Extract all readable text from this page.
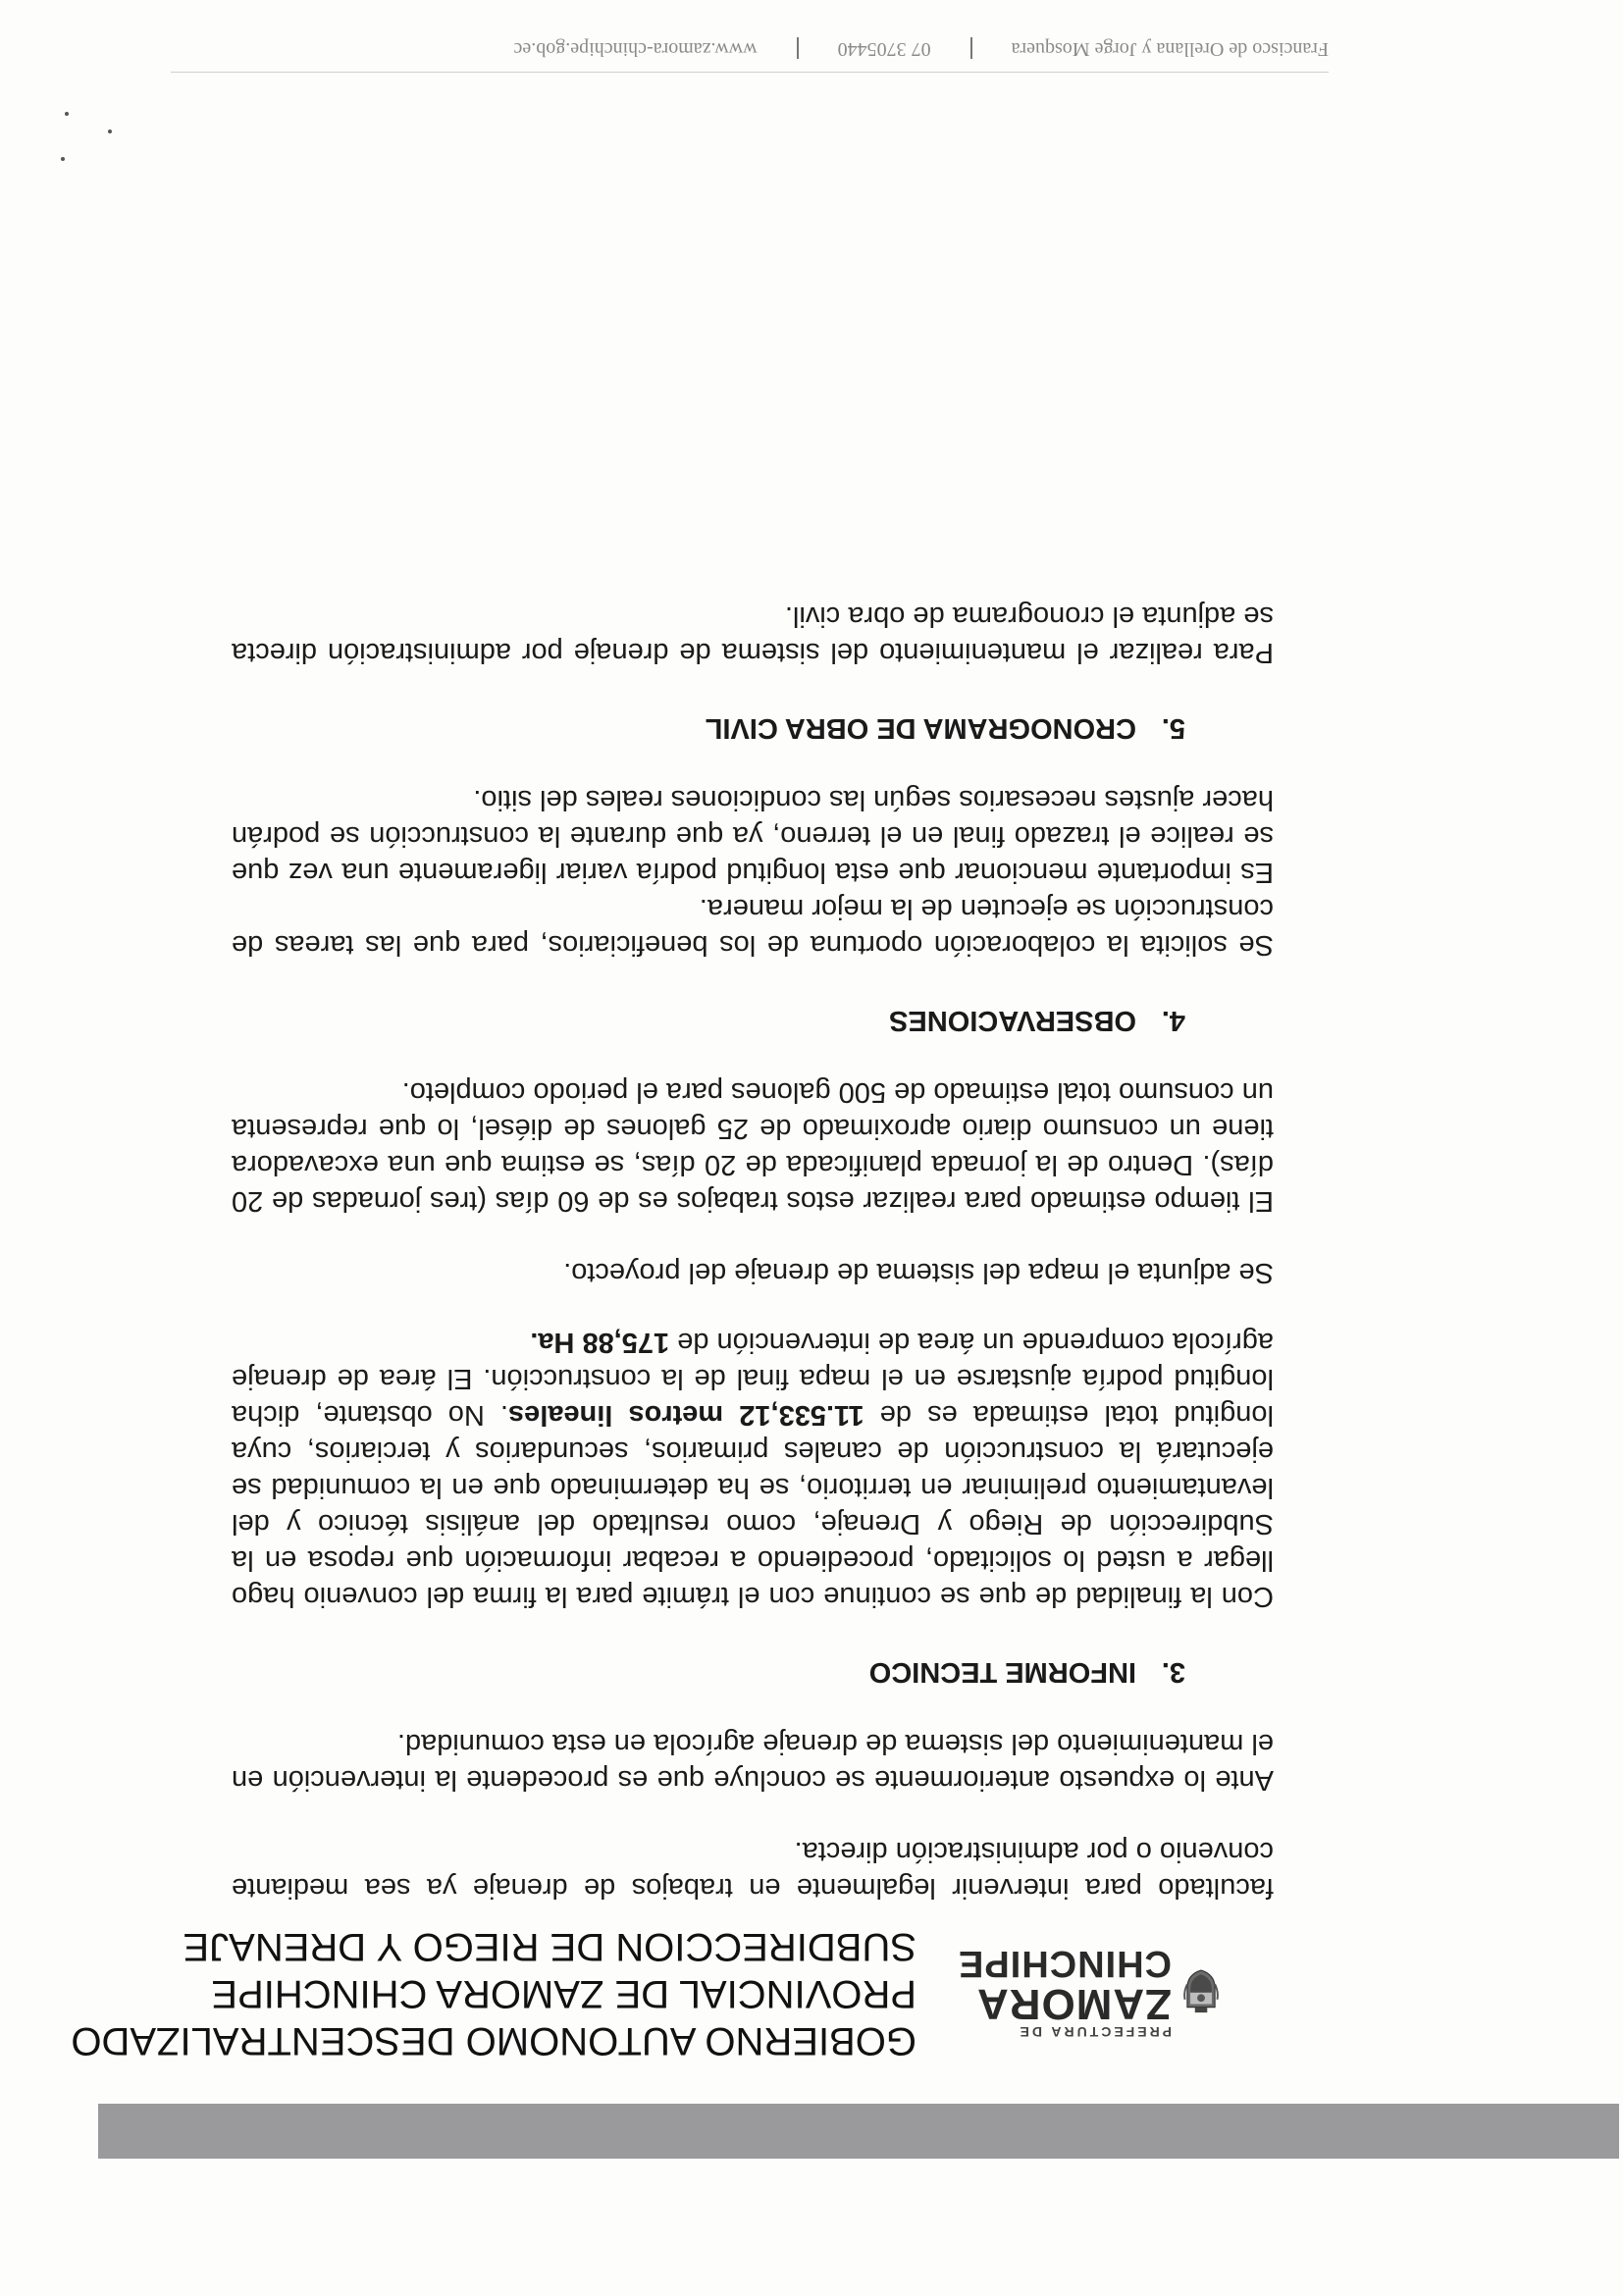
PREFECTURA DE
ZAMORA
CHINCHIPE
GOBIERNO AUTONOMO DESCENTRALIZADO
PROVINCIAL DE ZAMORA CHINCHIPE
SUBDIRECCION DE RIEGO Y DRENAJE

facultado para intervenir legalmente en trabajos de drenaje ya sea mediante convenio o por administración directa.

Ante lo expuesto anteriormente se concluye que es procedente la intervención en el mantenimiento del sistema de drenaje agrícola en esta comunidad.

3.INFORME TECNICO

Con la finalidad de que se continue con el trámite para la firma del convenio hago llegar a usted lo solicitado, procediendo a recabar información que reposa en la Subdirección de Riego y Drenaje, como resultado del análisis técnico y del levantamiento preliminar en territorio, se ha determinado que en la comunidad se ejecutará la construcción de canales primarios, secundarios y terciarios, cuya longitud total estimada es de 11.533,12 metros lineales. No obstante, dicha longitud podría ajustarse en el mapa final de la construcción. El área de drenaje agrícola comprende un área de intervención de 175,88 Ha.

Se adjunta el mapa del sistema de drenaje del proyecto.

El tiempo estimado para realizar estos trabajos es de 60 días (tres jornadas de 20 días). Dentro de la jornada planificada de 20 días, se estima que una excavadora tiene un consumo diario aproximado de 25 galones de diésel, lo que representa un consumo total estimado de 500 galones para el periodo completo.

4.OBSERVACIONES

Se solicita la colaboración oportuna de los beneficiarios, para que las tareas de construcción se ejecuten de la mejor manera.

Es importante mencionar que esta longitud podría variar ligeramente una vez que se realice el trazado final en el terreno, ya que durante la construcción se podrán hacer ajustes necesarios según las condiciones reales del sitio.

5.CRONOGRAMA DE OBRA CIVIL

Para realizar el mantenimiento del sistema de drenaje por administración directa se adjunta el cronograma de obra civil.

Francisco de Orellana y Jorge Mosquera
07 3705440
www.zamora-chinchipe.gob.ec
